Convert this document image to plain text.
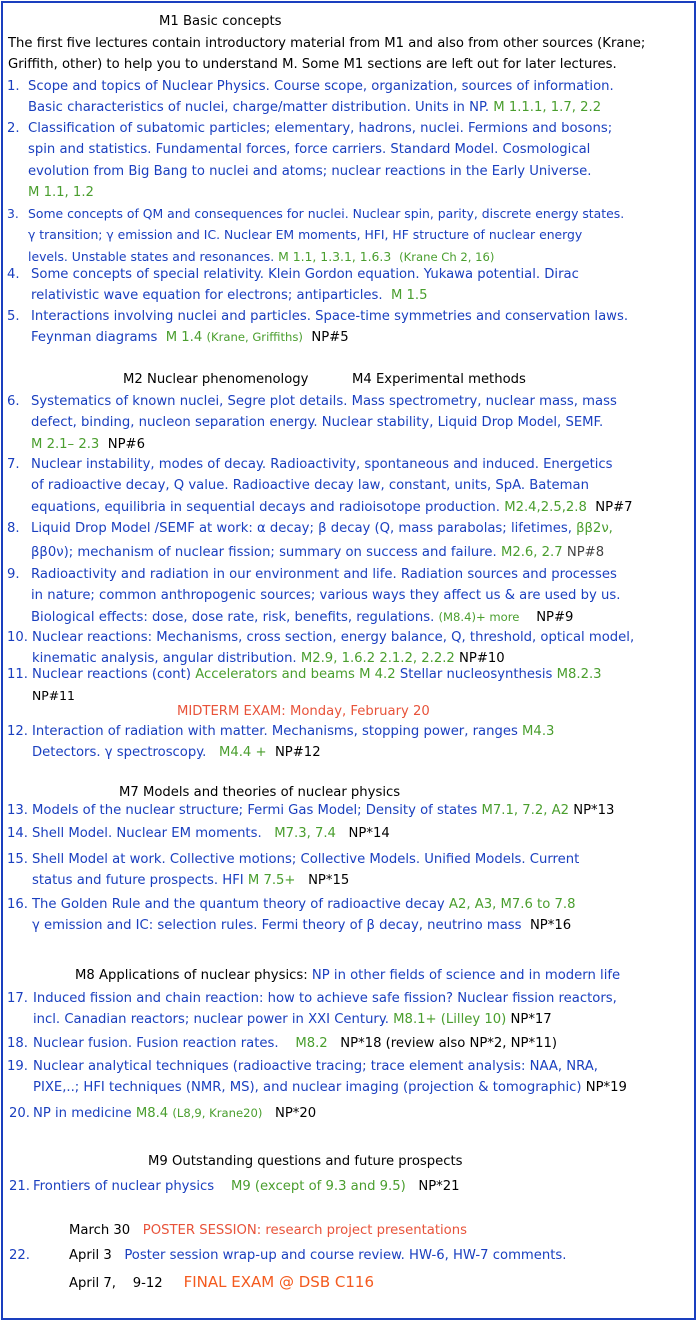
M1 Basic concepts
The first five lectures contain introductory material from M1 and also from other sources (Krane;
Griffith, other) to help you to understand M. Some M1 sections are left out for later lectures.
1. Scope and topics of Nuclear Physics. Course scope, organization, sources of information.
Basic characteristics of nuclei, charge/matter distribution. Units in NP. M 1.1.1, 1.7, 2.2
2. Classification of subatomic particles; elementary, hadrons, nuclei. Fermions and bosons;
spin and statistics. Fundamental forces, force carriers. Standard Model. Cosmological
evolution from Big Bang to nuclei and atoms; nuclear reactions in the Early Universe.
M 1.1, 1.2
3. Some concepts of QM and consequences for nuclei. Nuclear spin, parity, discrete energy states.
γ transition; γ emission and IC. Nuclear EM moments, HFI, HF structure of nuclear energy
levels. Unstable states and resonances. M 1.1, 1.3.1, 1.6.3 (Krane Ch 2, 16)
4. Some concepts of special relativity. Klein Gordon equation. Yukawa potential. Dirac
relativistic wave equation for electrons; antiparticles. M 1.5
5. Interactions involving nuclei and particles. Space-time symmetries and conservation laws.
Feynman diagrams M 1.4 (Krane, Griffiths) NP#5
M2 Nuclear phenomenology	M4 Experimental methods
6. Systematics of known nuclei, Segre plot details. Mass spectrometry, nuclear mass, mass
defect, binding, nucleon separation energy. Nuclear stability, Liquid Drop Model, SEMF.
M 2.1– 2.3 NP#6
7. Nuclear instability, modes of decay. Radioactivity, spontaneous and induced. Energetics
of radioactive decay, Q value. Radioactive decay law, constant, units, SpA. Bateman
equations, equilibria in sequential decays and radioisotope production. M2.4,2.5,2.8 NP#7
8. Liquid Drop Model /SEMF at work: α decay; β decay (Q, mass parabolas; lifetimes, ββ2ν,
ββ0ν); mechanism of nuclear fission; summary on success and failure. M2.6, 2.7 NP#8
9. Radioactivity and radiation in our environment and life. Radiation sources and processes
in nature; common anthropogenic sources; various ways they affect us & are used by us.
Biological effects: dose, dose rate, risk, benefits, regulations. (M8.4)+ more NP#9
10. Nuclear reactions: Mechanisms, cross section, energy balance, Q, threshold, optical model,
kinematic analysis, angular distribution. M2.9, 1.6.2 2.1.2, 2.2.2 NP#10
11. Nuclear reactions (cont) Accelerators and beams M 4.2 Stellar nucleosynthesis M8.2.3
NP#11
MIDTERM EXAM: Monday, February 20
12. Interaction of radiation with matter. Mechanisms, stopping power, ranges M4.3
Detectors. γ spectroscopy. M4.4 + NP#12
M7 Models and theories of nuclear physics
13. Models of the nuclear structure; Fermi Gas Model; Density of states M7.1, 7.2, A2 NP*13
14. Shell Model. Nuclear EM moments. M7.3, 7.4 NP*14
15. Shell Model at work. Collective motions; Collective Models. Unified Models. Current
status and future prospects. HFI M 7.5+ NP*15
16. The Golden Rule and the quantum theory of radioactive decay A2, A3, M7.6 to 7.8
γ emission and IC: selection rules. Fermi theory of β decay, neutrino mass NP*16
M8 Applications of nuclear physics: NP in other fields of science and in modern life
17. Induced fission and chain reaction: how to achieve safe fission? Nuclear fission reactors,
incl. Canadian reactors; nuclear power in XXI Century. M8.1+ (Lilley 10) NP*17
18. Nuclear fusion. Fusion reaction rates. M8.2 NP*18 (review also NP*2, NP*11)
19. Nuclear analytical techniques (radioactive tracing; trace element analysis: NAA, NRA,
PIXE,..; HFI techniques (NMR, MS), and nuclear imaging (projection & tomographic) NP*19
20. NP in medicine M8.4 (L8,9, Krane20) NP*20
M9 Outstanding questions and future prospects
21. Frontiers of nuclear physics M9 (except of 9.3 and 9.5) NP*21
March 30 POSTER SESSION: research project presentations
22.	April 3 Poster session wrap-up and course review. HW-6, HW-7 comments.
April 7, 9-12 FINAL EXAM @ DSB C116
